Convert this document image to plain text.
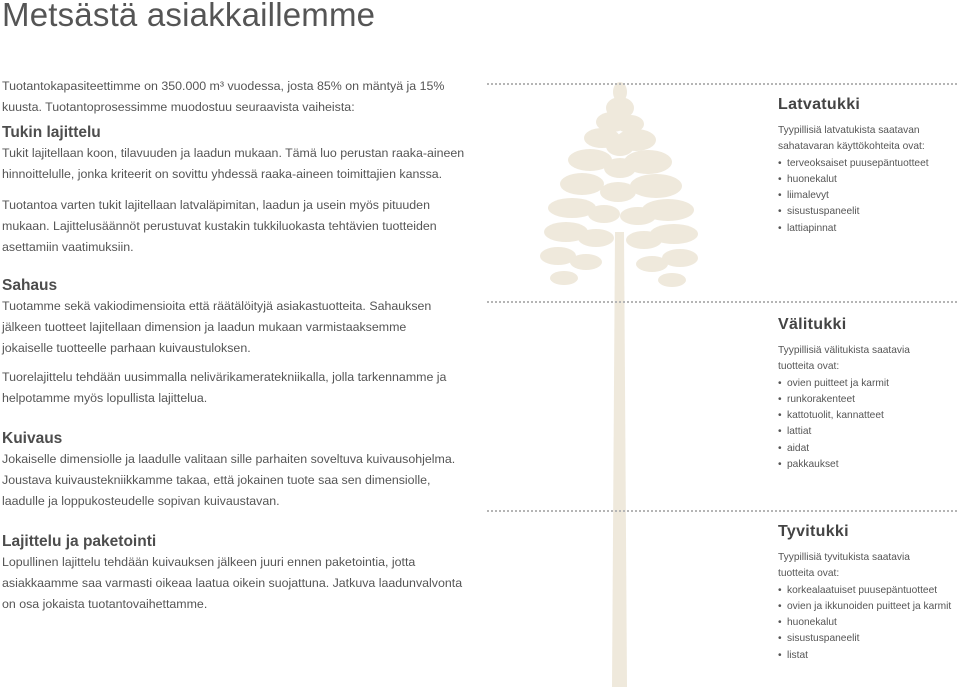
Metsästä asiakkaillemme

Tuotantokapasiteettimme on 350.000 m³ vuodessa, josta 85% on mäntyä ja 15%

kuusta. Tuotantoprosessimme muodostuu seuraavista vaiheista:

Tukin lajittelu

Tukit lajitellaan koon, tilavuuden ja laadun mukaan. Tämä luo perustan raaka-aineen

hinnoittelulle, jonka kriteerit on sovittu yhdessä raaka-aineen toimittajien kanssa.

Tuotantoa varten tukit lajitellaan latvaläpimitan, laadun ja usein myös pituuden

mukaan. Lajittelusäännöt perustuvat kustakin tukkiluokasta tehtävien tuotteiden

asettamiin vaatimuksiin.

Sahaus

Tuotamme sekä vakiodimensioita että räätälöityjä asiakastuotteita. Sahauksen

jälkeen tuotteet lajitellaan dimension ja laadun mukaan varmistaaksemme

jokaiselle tuotteelle parhaan kuivaustuloksen.

Tuorelajittelu tehdään uusimmalla nelivärikameratekniikalla, jolla tarkennamme ja

helpotamme myös lopullista lajittelua.

Kuivaus

Jokaiselle dimensiolle ja laadulle valitaan sille parhaiten soveltuva kuivausohjelma.

Joustava kuivaustekniikkamme takaa, että jokainen tuote saa sen dimensiolle,

laadulle ja loppukosteudelle sopivan kuivaustavan.

Lajittelu ja paketointi

Lopullinen lajittelu tehdään kuivauksen jälkeen juuri ennen paketointia, jotta

asiakkaamme saa varmasti oikeaa laatua oikein suojattuna. Jatkuva laadunvalvonta

on osa jokaista tuotantovaihettamme.

Latvatukki

Tyypillisiä latvatukista saatavan

sahatavaran käyttökohteita ovat:

• terveoksaiset puusepäntuotteet
• huonekalut
• liimalevyt
• sisustuspaneelit
• lattiapinnat
Välitukki

Tyypillisiä välitukista saatavia

tuotteita ovat:

• ovien puitteet ja karmit
• runkorakenteet
• kattotuolit, kannatteet
• lattiat
• aidat
• pakkaukset
Tyvitukki

Tyypillisiä tyvitukista saatavia

tuotteita ovat:

• korkealaatuiset puusepäntuotteet
• ovien ja ikkunoiden puitteet ja karmit
• huonekalut
• sisustuspaneelit
• listat
